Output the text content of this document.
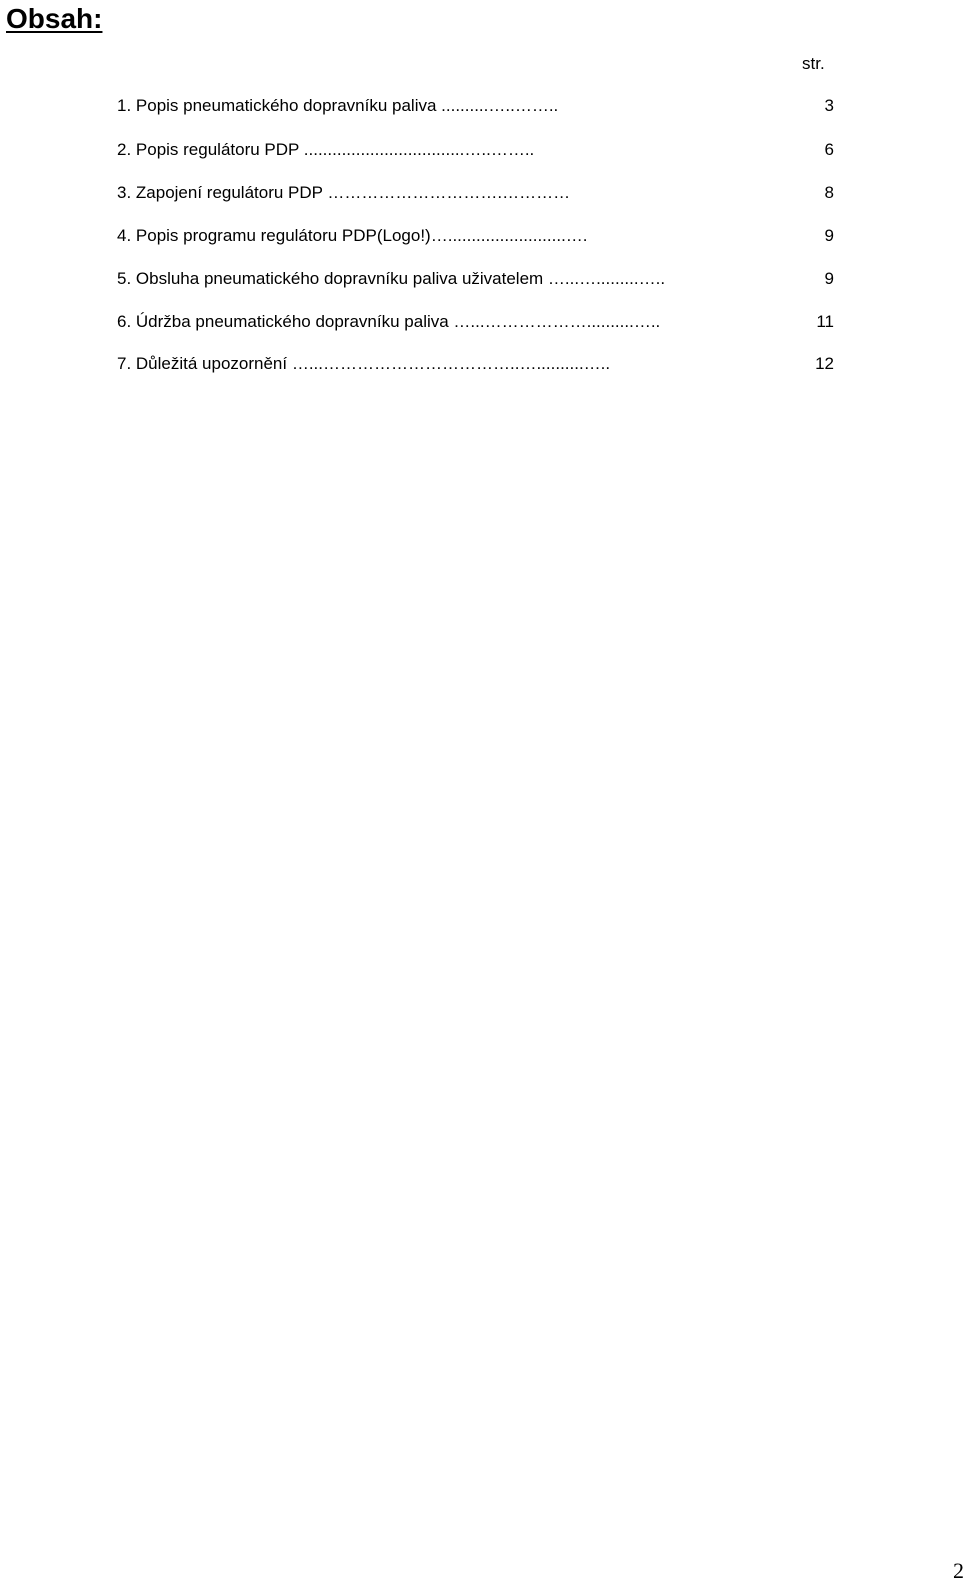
Obsah:
str.
1. Popis pneumatického dopravníku paliva ..........…..……..	3
2. Popis regulátoru PDP ..................................…..……..	6
3. Zapojení regulátoru PDP ………………………….…………	8
4. Popis programu regulátoru PDP(Logo!)….........................….	9
5. Obsluha pneumatického dopravníku paliva uživatelem …...….........…..	9
6. Údržba pneumatického dopravníku paliva …...………………..........…..	11
7. Důležitá upozornění …...……………………………..…..........…..	12
2
